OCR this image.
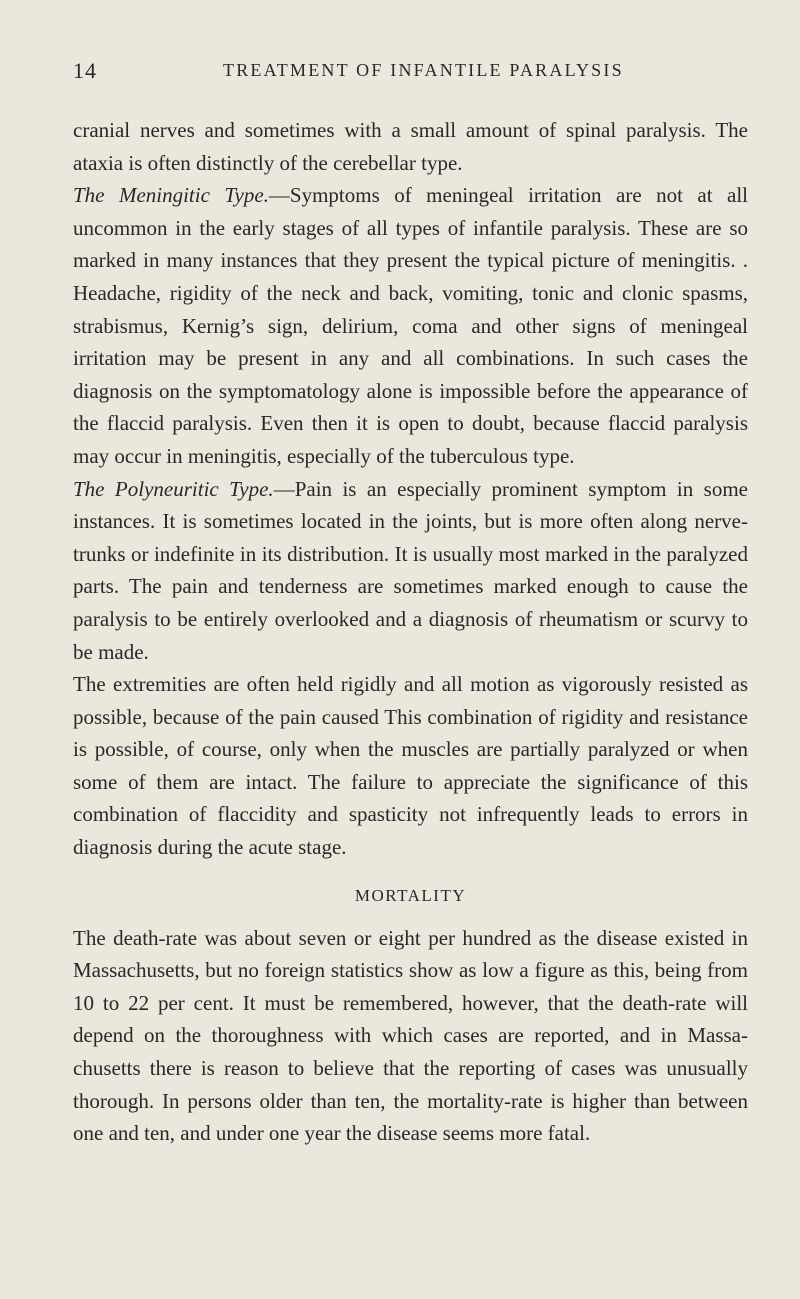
14	TREATMENT OF INFANTILE PARALYSIS

cranial nerves and sometimes with a small amount of spinal paralysis. The ataxia is often distinctly of the cerebellar type.

The Meningitic Type.—Symptoms of meningeal irritation are not at all uncommon in the early stages of all types of infantile paralysis. These are so marked in many instances that they present the typical picture of meningitis. . Headache, rigidity of the neck and back, vomiting, tonic and clonic spasms, strabismus, Kernig’s sign, delirium, coma and other signs of meningeal irritation may be present in any and all combinations. In such cases the diagnosis on the symptomatology alone is impossible before the appearance of the flaccid paralysis. Even then it is open to doubt, because flaccid paralysis may occur in meningitis, especially of the tuberculous type.

The Polyneuritic Type.—Pain is an especially prominent symptom in some instances. It is sometimes located in the joints, but is more often along nerve-trunks or indefinite in its distribution. It is usually most marked in the paralyzed parts. The pain and tenderness are sometimes marked enough to cause the paralysis to be entirely overlooked and a diagnosis of rheumatism or scurvy to be made.

The extremities are often held rigidly and all motion as vigorously resisted as possible, because of the pain caused This combination of rigidity and resistance is possible, of course, only when the muscles are partially paralyzed or when some of them are intact. The failure to appreciate the significance of this combination of flaccidity and spasticity not infrequently leads to errors in diagnosis during the acute stage.

MORTALITY

The death-rate was about seven or eight per hundred as the disease existed in Massachusetts, but no foreign statistics show as low a figure as this, being from 10 to 22 per cent. It must be remembered, however, that the death-rate will depend on the thoroughness with which cases are reported, and in Massa-chusetts there is reason to believe that the reporting of cases was unusually thorough. In persons older than ten, the mortality-rate is higher than between one and ten, and under one year the disease seems more fatal.
